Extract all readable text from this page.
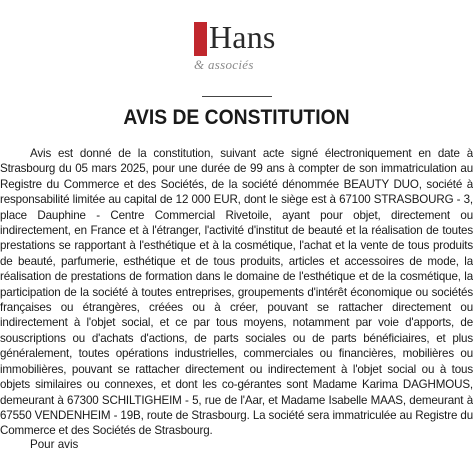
Hans
& associés
AVIS DE CONSTITUTION

Avis est donné de la constitution, suivant acte signé électroniquement en date à Strasbourg du 05 mars 2025, pour une durée de 99 ans à compter de son immatriculation au Registre du Commerce et des Sociétés, de la société dénommée BEAUTY DUO, société à responsabilité limitée au capital de 12 000 EUR, dont le siège est à 67100 STRASBOURG - 3, place Dauphine - Centre Commercial Rivetoile, ayant pour objet, directement ou indirectement, en France et à l'étranger, l'activité d'institut de beauté et la réalisation de toutes prestations se rapportant à l'esthétique et à la cosmétique, l'achat et la vente de tous produits de beauté, parfumerie, esthétique et de tous produits, articles et accessoires de mode, la réalisation de prestations de formation dans le domaine de l'esthétique et de la cosmétique, la participation de la société à toutes entreprises, groupements d'intérêt économique ou sociétés françaises ou étrangères, créées ou à créer, pouvant se rattacher directement ou indirectement à l'objet social, et ce par tous moyens, notamment par voie d'apports, de souscriptions ou d'achats d'actions, de parts sociales ou de parts bénéficiaires, et plus généralement, toutes opérations industrielles, commerciales ou financières, mobilières ou immobilières, pouvant se rattacher directement ou indirectement à l'objet social ou à tous objets similaires ou connexes, et dont les co-gérantes sont Madame Karima DAGHMOUS, demeurant à 67300 SCHILTIGHEIM - 5, rue de l'Aar, et Madame Isabelle MAAS, demeurant à 67550 VENDENHEIM - 19B, route de Strasbourg. La société sera immatriculée au Registre du Commerce et des Sociétés de Strasbourg.

Pour avis
